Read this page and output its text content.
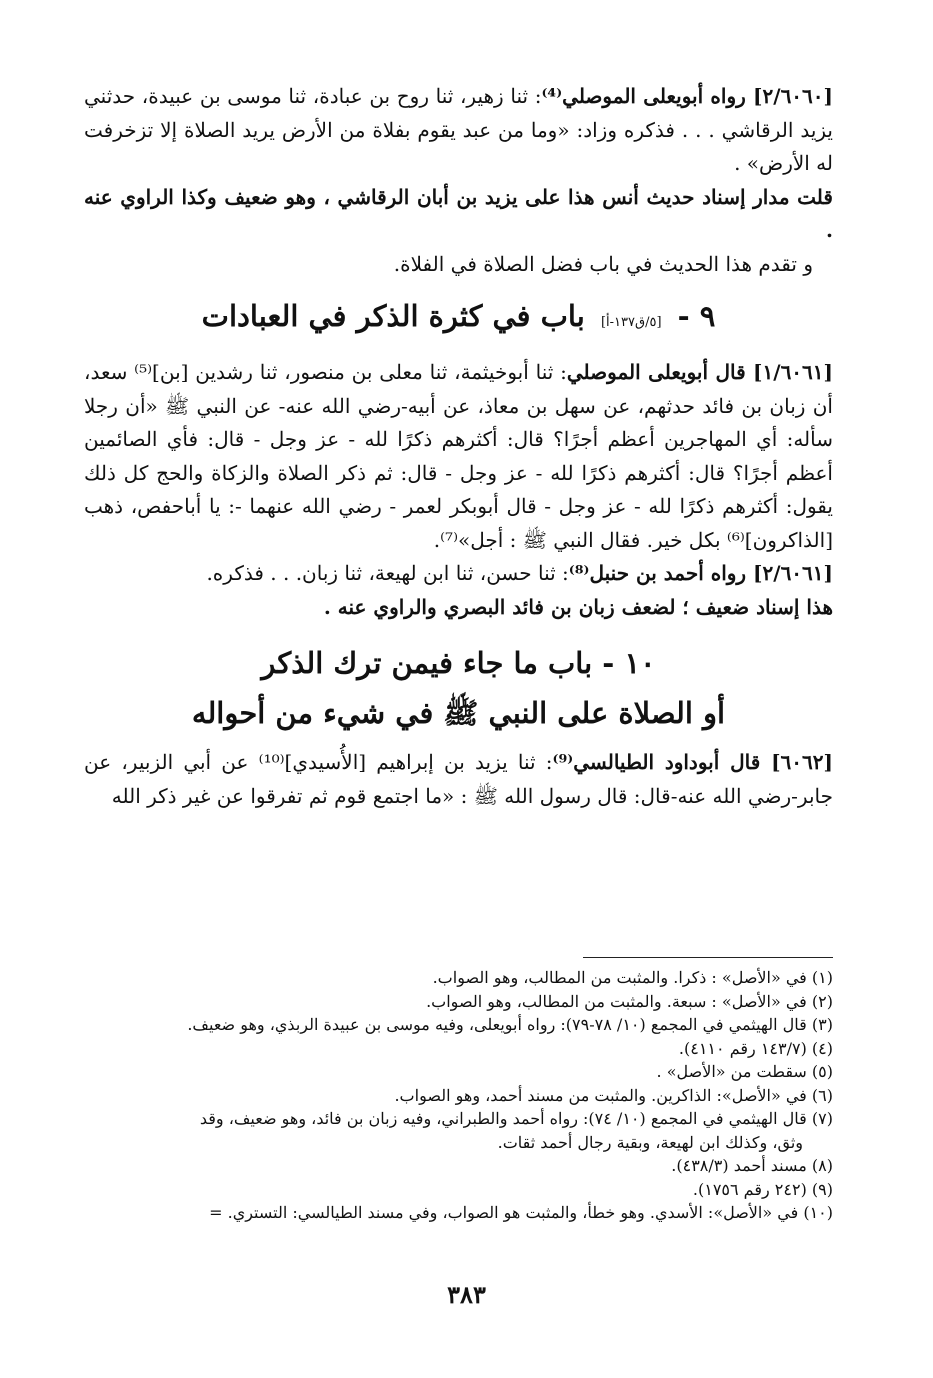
[٢/٦٠٦٠] رواه أبويعلى الموصلي⁽⁴⁾: ثنا زهير، ثنا روح بن عبادة، ثنا موسى بن عبيدة، حدثني يزيد الرقاشي . . . فذكره وزاد: «وما من عبد يقوم بفلاة من الأرض يريد الصلاة إلا تزخرفت له الأرض» .

قلت مدار إسناد حديث أنس هذا على يزيد بن أبان الرقاشي ، وهو ضعيف وكذا الراوي عنه .

و تقدم هذا الحديث في باب فضل الصلاة في الفلاة.

٩ - [٥/ق١٣٧-أ] باب في كثرة الذكر في العبادات

[١/٦٠٦١] قال أبويعلى الموصلي: ثنا أبوخيثمة، ثنا معلى بن منصور، ثنا رشدين [بن]⁽⁵⁾ سعد، أن زبان بن فائد حدثهم، عن سهل بن معاذ، عن أبيه-رضي الله عنه- عن النبي ﷺ «أن رجلا سأله: أي المهاجرين أعظم أجرًا؟ قال: أكثرهم ذكرًا لله - عز وجل - قال: فأي الصائمين أعظم أجرًا؟ قال: أكثرهم ذكرًا لله - عز وجل - قال: ثم ذكر الصلاة والزكاة والحج كل ذلك يقول: أكثرهم ذكرًا لله - عز وجل - قال أبوبكر لعمر - رضي الله عنهما -: يا أباحفص، ذهب [الذاكرون]⁽⁶⁾ بكل خير. فقال النبي ﷺ : أجل»⁽⁷⁾.

[٢/٦٠٦١] رواه أحمد بن حنبل⁽⁸⁾: ثنا حسن، ثنا ابن لهيعة، ثنا زبان. . . فذكره.

هذا إسناد ضعيف ؛ لضعف زبان بن فائد البصري والراوي عنه .

١٠ - باب ما جاء فيمن ترك الذكر
أو الصلاة على النبي ﷺ في شيء من أحواله

[٦٠٦٢] قال أبوداود الطيالسي⁽⁹⁾: ثنا يزيد بن إبراهيم [الأُسيدي]⁽¹⁰⁾ عن أبي الزبير، عن جابر-رضي الله عنه-قال: قال رسول الله ﷺ : «ما اجتمع قوم ثم تفرقوا عن غير ذكر الله

(١) في «الأصل» : ذكرا. والمثبت من المطالب، وهو الصواب.

(٢) في «الأصل» : سبعة. والمثبت من المطالب، وهو الصواب.

(٣) قال الهيثمي في المجمع (١٠/ ٧٨-٧٩): رواه أبويعلى، وفيه موسى بن عبيدة الربذي، وهو ضعيف.

(٤) (١٤٣/٧ رقم ٤١١٠).

(٥) سقطت من «الأصل» .

(٦) في «الأصل»: الذاكرين. والمثبت من مسند أحمد، وهو الصواب.

(٧) قال الهيثمي في المجمع (١٠/ ٧٤): رواه أحمد والطبراني، وفيه زبان بن فائد، وهو ضعيف، وقد

وثق، وكذلك ابن لهيعة، وبقية رجال أحمد ثقات.

(٨) مسند أحمد (٤٣٨/٣).

(٩) (٢٤٢ رقم ١٧٥٦).

(١٠) في «الأصل»: الأسدي. وهو خطأ، والمثبت هو الصواب، وفي مسند الطيالسي: التستري. =

٣٨٣
